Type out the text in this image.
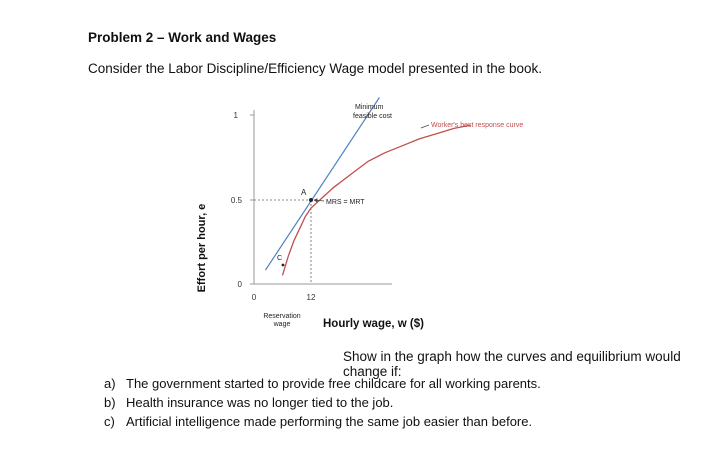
Problem 2 – Work and Wages
Consider the Labor Discipline/Efficiency Wage model presented in the book.
Effort per hour, e
1
0.5
0
0	12
Minimum
feasible cost
Worker's best response curve
MRS = MRT
A
C
Reservation
wage	Hourly wage, w ($)
Show in the graph how the curves and equilibrium would change if:
a) The government started to provide free childcare for all working parents.
b) Health insurance was no longer tied to the job.
c) Artificial intelligence made performing the same job easier than before.
